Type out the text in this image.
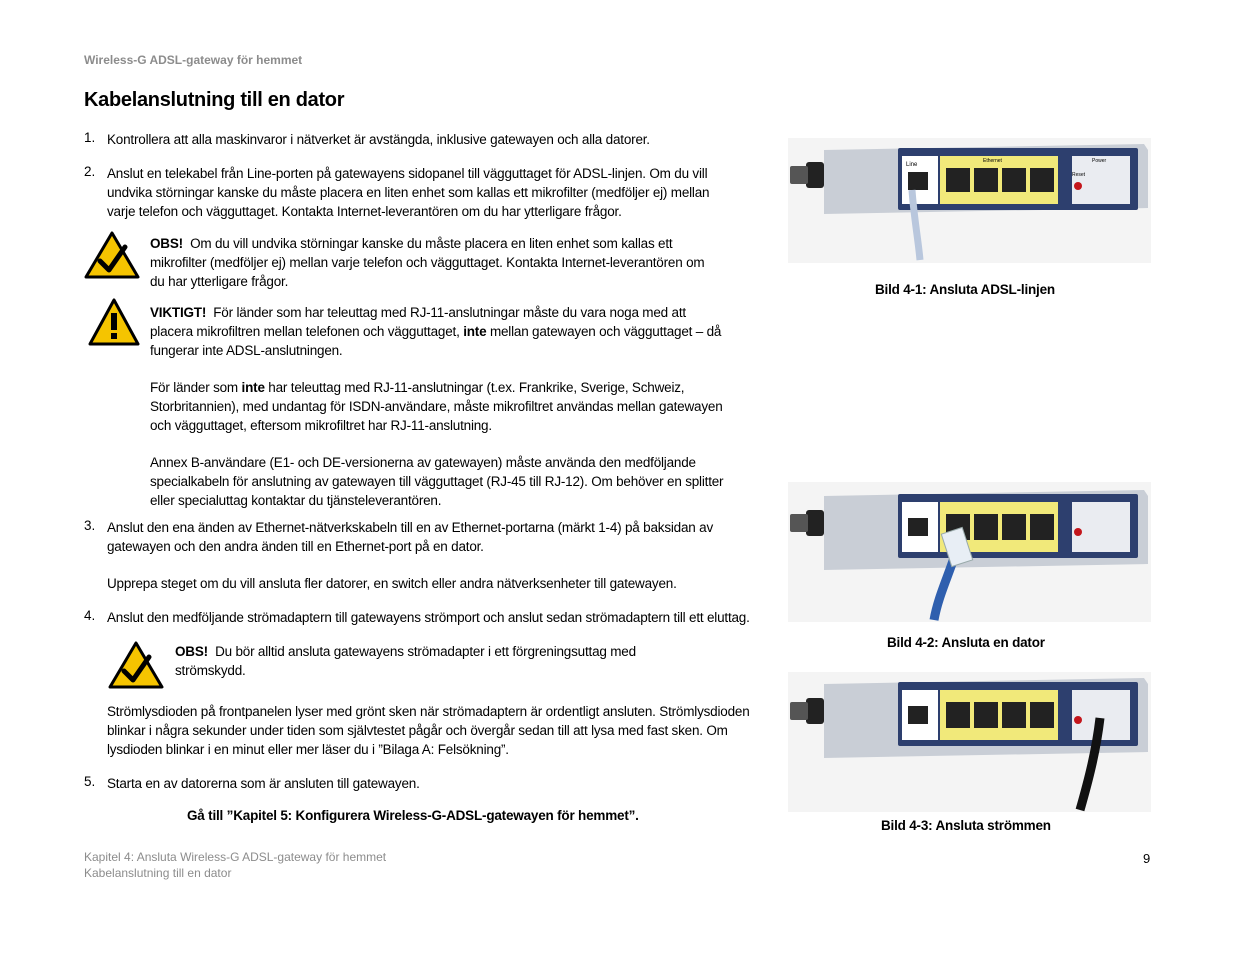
Wireless-G ADSL-gateway för hemmet
Kabelanslutning till en dator
1. Kontrollera att alla maskinvaror i nätverket är avstängda, inklusive gatewayen och alla datorer.
2. Anslut en telekabel från Line-porten på gatewayens sidopanel till vägguttaget för ADSL-linjen. Om du vill
undvika störningar kanske du måste placera en liten enhet som kallas ett mikrofilter (medföljer ej) mellan
varje telefon och vägguttaget. Kontakta Internet-leverantören om du har ytterligare frågor.
OBS! Om du vill undvika störningar kanske du måste placera en liten enhet som kallas ett
mikrofilter (medföljer ej) mellan varje telefon och vägguttaget. Kontakta Internet-leverantören om
du har ytterligare frågor.
VIKTIGT! För länder som har teleuttag med RJ-11-anslutningar måste du vara noga med att
placera mikrofiltren mellan telefonen och vägguttaget, inte mellan gatewayen och vägguttaget – då
fungerar inte ADSL-anslutningen.
För länder som inte har teleuttag med RJ-11-anslutningar (t.ex. Frankrike, Sverige, Schweiz,
Storbritannien), med undantag för ISDN-användare, måste mikrofiltret användas mellan gatewayen
och vägguttaget, eftersom mikrofiltret har RJ-11-anslutning.
Annex B-användare (E1- och DE-versionerna av gatewayen) måste använda den medföljande
specialkabeln för anslutning av gatewayen till vägguttaget (RJ-45 till RJ-12). Om behöver en splitter
eller specialuttag kontaktar du tjänsteleverantören.
3. Anslut den ena änden av Ethernet-nätverkskabeln till en av Ethernet-portarna (märkt 1-4) på baksidan av
gatewayen och den andra änden till en Ethernet-port på en dator.
Upprepa steget om du vill ansluta fler datorer, en switch eller andra nätverksenheter till gatewayen.
4. Anslut den medföljande strömadaptern till gatewayens strömport och anslut sedan strömadaptern till ett eluttag.
OBS! Du bör alltid ansluta gatewayens strömadapter i ett förgreningsuttag med
strömskydd.
Strömlysdioden på frontpanelen lyser med grönt sken när strömadaptern är ordentligt ansluten. Strömlysdioden
blinkar i några sekunder under tiden som självtestet pågår och övergår sedan till att lysa med fast sken. Om
lysdioden blinkar i en minut eller mer läser du i ”Bilaga A: Felsökning”.
5. Starta en av datorerna som är ansluten till gatewayen.
Gå till ”Kapitel 5: Konfigurera Wireless-G-ADSL-gatewayen för hemmet”.
Line
Ethernet
Reset
Power
Bild 4-1: Ansluta ADSL-linjen
Bild 4-2: Ansluta en dator
Bild 4-3: Ansluta strömmen
Kapitel 4: Ansluta Wireless-G ADSL-gateway för hemmet
Kabelanslutning till en dator
9
